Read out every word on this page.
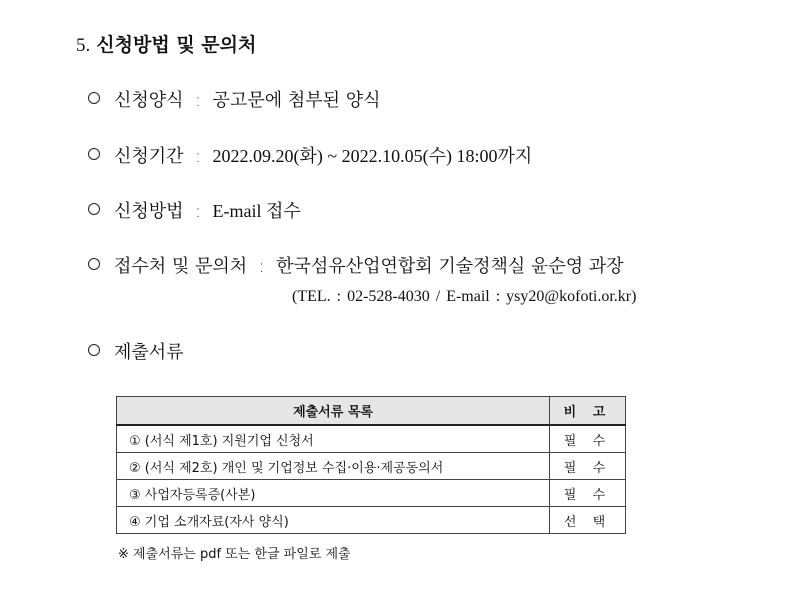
5. 신청방법 및 문의처
신청양식 : 공고문에 첨부된 양식
신청기간 : 2022.09.20(화) ~ 2022.10.05(수) 18:00까지
신청방법 : E-mail 접수
접수처 및 문의처 : 한국섬유산업연합회 기술정책실 윤순영 과장
(TEL. : 02-528-4030 / E-mail : ysy20@kofoti.or.kr)
제출서류
제출서류 목록	비 고
① (서식 제1호) 지원기업 신청서	필 수
② (서식 제2호) 개인 및 기업정보 수집·이용·제공동의서	필 수
③ 사업자등록증(사본)	필 수
④ 기업 소개자료(자사 양식)	선 택
※ 제출서류는 pdf 또는 한글 파일로 제출
